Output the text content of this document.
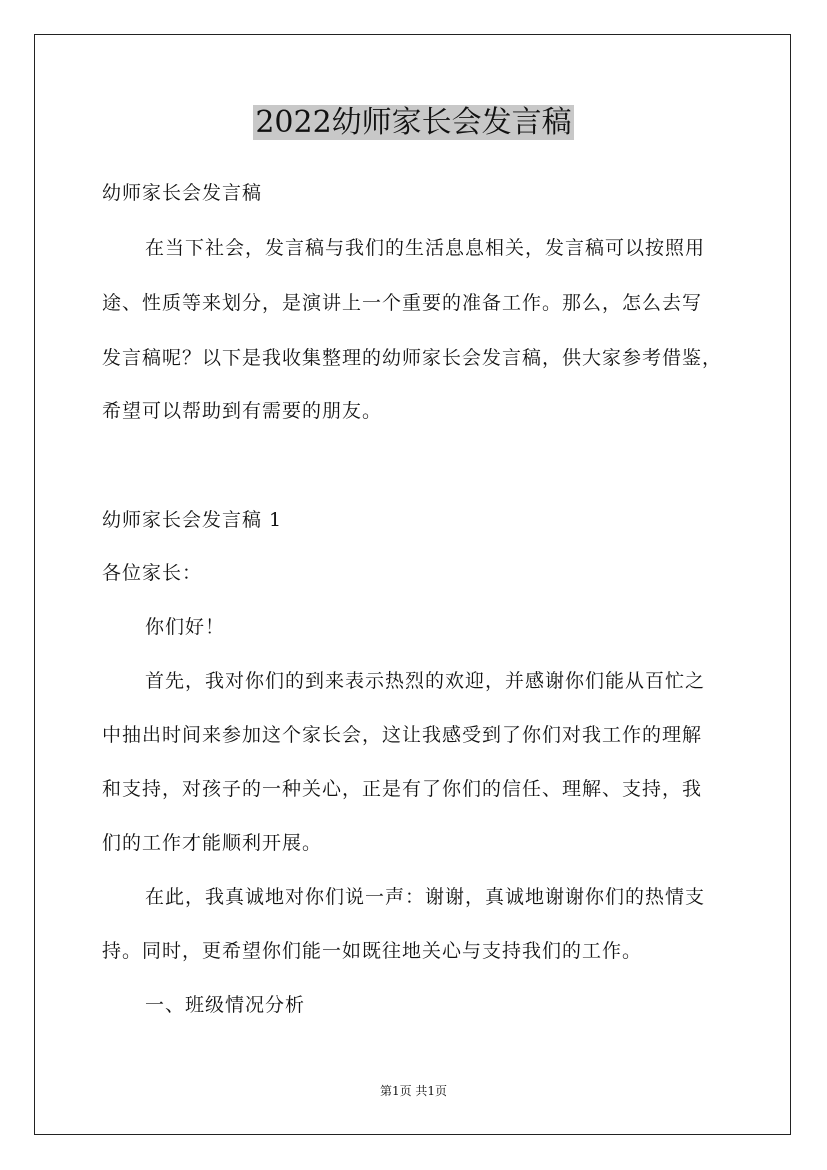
2022幼师家长会发言稿
幼师家长会发言稿
在当下社会，发言稿与我们的生活息息相关，发言稿可以按照用
途、性质等来划分，是演讲上一个重要的准备工作。那么，怎么去写
发言稿呢？以下是我收集整理的幼师家长会发言稿，供大家参考借鉴，
希望可以帮助到有需要的朋友。
幼师家长会发言稿 1
各位家长：
你们好！
首先，我对你们的到来表示热烈的欢迎，并感谢你们能从百忙之
中抽出时间来参加这个家长会，这让我感受到了你们对我工作的理解
和支持，对孩子的一种关心，正是有了你们的信任、理解、支持，我
们的工作才能顺利开展。
在此，我真诚地对你们说一声：谢谢，真诚地谢谢你们的热情支
持。同时，更希望你们能一如既往地关心与支持我们的工作。
一、班级情况分析
第1页 共1页
